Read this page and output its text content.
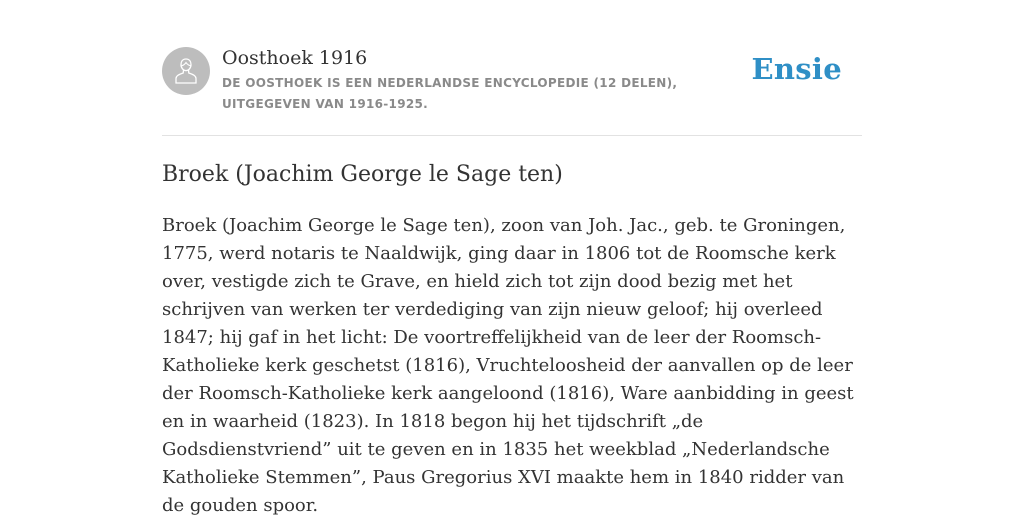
Oosthoek 1916
DE OOSTHOEK IS EEN NEDERLANDSE ENCYCLOPEDIE (12 DELEN), UITGEGEVEN VAN 1916-1925.
Ensie
Broek (Joachim George le Sage ten)

Broek (Joachim George le Sage ten), zoon van Joh. Jac., geb. te Groningen, 1775, werd notaris te Naaldwijk, ging daar in 1806 tot de Roomsche kerk over, vestigde zich te Grave, en hield zich tot zijn dood bezig met het schrijven van werken ter verdediging van zijn nieuw geloof; hij overleed 1847; hij gaf in het licht: De voortreffelijkheid van de leer der Roomsch-Katholieke kerk geschetst (1816), Vruchteloosheid der aanvallen op de leer der Roomsch-Katholieke kerk aangeloond (1816), Ware aanbidding in geest en in waarheid (1823). In 1818 begon hij het tijdschrift „de Godsdienstvriend” uit te geven en in 1835 het weekblad „Nederlandsche Katholieke Stemmen”, Paus Gregorius XVI maakte hem in 1840 ridder van de gouden spoor.
